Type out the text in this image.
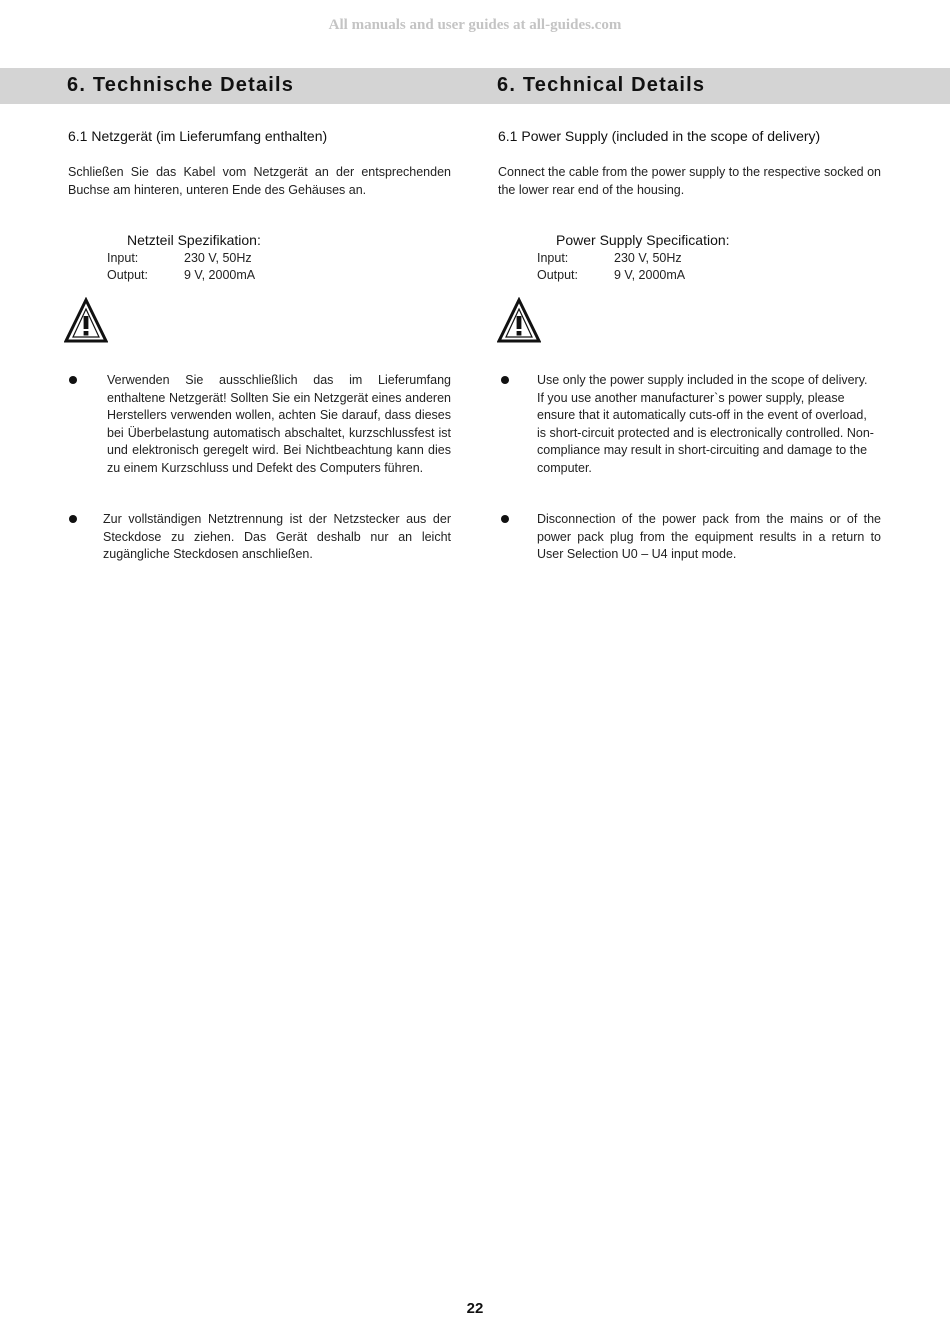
All manuals and user guides at all-guides.com
6. Technische Details	6. Technical Details
6.1 Netzgerät (im Lieferumfang enthalten)
Schließen Sie das Kabel vom Netzgerät an der entsprechenden Buchse am hinteren, unteren Ende des Gehäuses an.
Netzteil Spezifikation:
Input:	230 V, 50Hz
Output:	9 V, 2000mA
Verwenden Sie ausschließlich das im Lieferumfang enthaltene Netzgerät! Sollten Sie ein Netzgerät eines anderen Herstellers verwenden wollen, achten Sie darauf, dass dieses bei Überbelastung automatisch abschaltet, kurzschlussfest ist und elektronisch geregelt wird. Bei Nichtbeachtung kann dies zu einem Kurzschluss und Defekt des Computers führen.
Zur vollständigen Netztrennung ist der Netzstecker aus der Steckdose zu ziehen. Das Gerät deshalb nur an leicht zugängliche Steckdosen anschließen.
6.1 Power Supply (included in the scope of delivery)
Connect the cable from the power supply to the respective socked on the lower rear end of the housing.
Power Supply Specification:
Input:	230 V, 50Hz
Output:	9 V, 2000mA
Use only the power supply included in the scope of delivery. If you use another manufacturer`s power supply, please ensure that it automatically cuts-off in the event of overload, is short-circuit protected and is electronically controlled. Non-compliance may result in short-circuiting and damage to the computer.
Disconnection of the power pack from the mains or of the power pack plug from the equipment results in a return to User Selection U0 – U4 input mode.
22
